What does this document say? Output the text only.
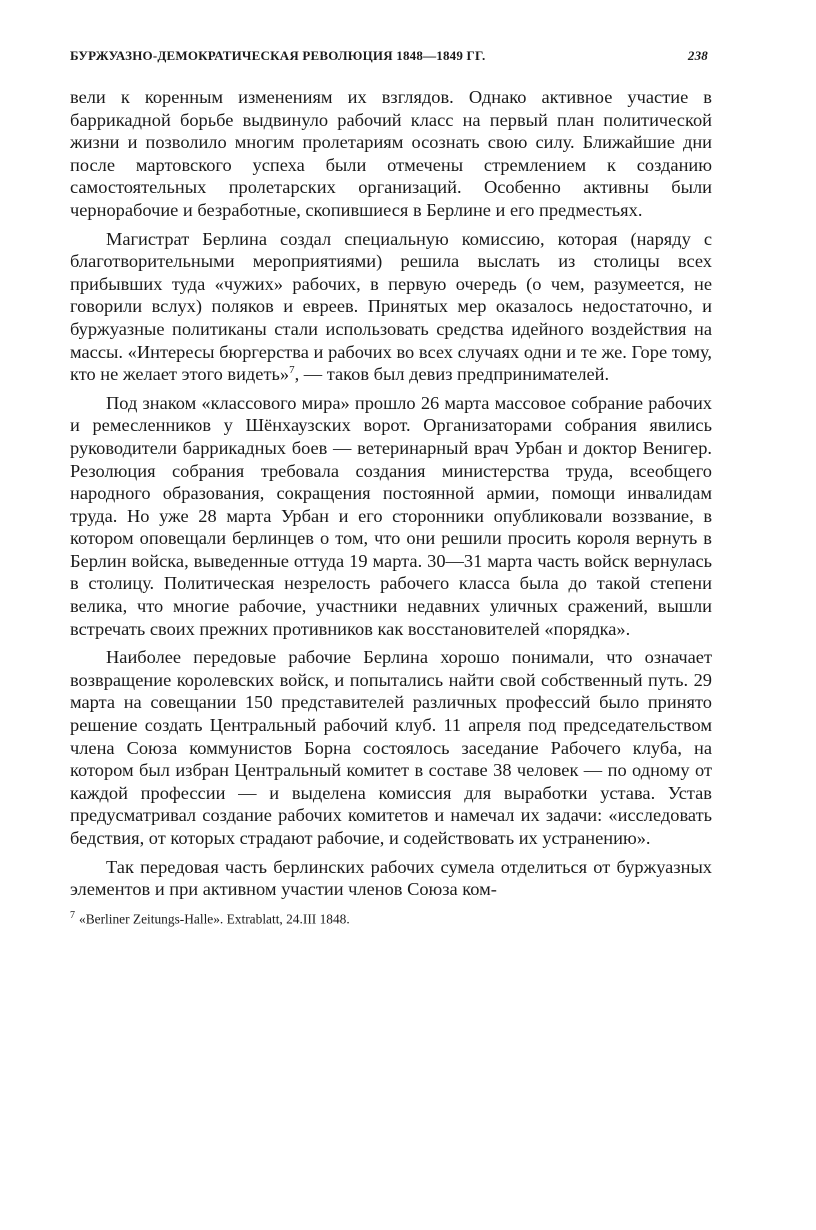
БУРЖУАЗНО-ДЕМОКРАТИЧЕСКАЯ РЕВОЛЮЦИЯ 1848—1849 ГГ.	238

вели к коренным изменениям их взглядов. Однако активное участие в баррикадной борьбе выдвинуло рабочий класс на первый план политической жизни и позволило многим пролетариям осознать свою силу. Ближайшие дни после мартовского успеха были отмечены стремлением к созданию самостоятельных пролетарских организаций. Особенно активны были чернорабочие и безработные, скопившиеся в Берлине и его предместьях.

Магистрат Берлина создал специальную комиссию, которая (наряду с благотворительными мероприятиями) решила выслать из столицы всех прибывших туда «чужих» рабочих, в первую очередь (о чем, разумеется, не говорили вслух) поляков и евреев. Принятых мер оказалось недостаточно, и буржуазные политиканы стали использовать средства идейного воздействия на массы. «Интересы бюргерства и рабочих во всех случаях одни и те же. Горе тому, кто не желает этого видеть»$^7$, — таков был девиз предпринимателей.

Под знаком «классового мира» прошло 26 марта массовое собрание рабочих и ремесленников у Шёнхаузских ворот. Организаторами собрания явились руководители баррикадных боев — ветеринарный врач Урбан и доктор Венигер. Резолюция собрания требовала создания министерства труда, всеобщего народного образования, сокращения постоянной армии, помощи инвалидам труда. Но уже 28 марта Урбан и его сторонники опубликовали воззвание, в котором оповещали берлинцев о том, что они решили просить короля вернуть в Берлин войска, выведенные оттуда 19 марта. 30—31 марта часть войск вернулась в столицу. Политическая незрелость рабочего класса была до такой степени велика, что многие рабочие, участники недавних уличных сражений, вышли встречать своих прежних противников как восстановителей «порядка».

Наиболее передовые рабочие Берлина хорошо понимали, что означает возвращение королевских войск, и попытались найти свой собственный путь. 29 марта на совещании 150 представителей различных профессий было принято решение создать Центральный рабочий клуб. 11 апреля под председательством члена Союза коммунистов Борна состоялось заседание Рабочего клуба, на котором был избран Центральный комитет в составе 38 человек — по одному от каждой профессии — и выделена комиссия для выработки устава. Устав предусматривал создание рабочих комитетов и намечал их задачи: «исследовать бедствия, от которых страдают рабочие, и содействовать их устранению».

Так передовая часть берлинских рабочих сумела отделиться от буржуазных элементов и при активном участии членов Союза ком-

$^7$ «Berliner Zeitungs-Halle». Extrablatt, 24.III 1848.
